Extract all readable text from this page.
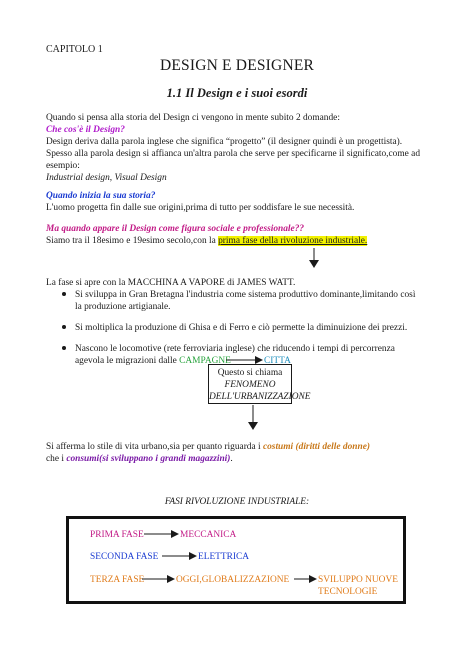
CAPITOLO 1
DESIGN E DESIGNER
1.1 Il Design e i suoi esordi
Quando si pensa alla storia del Design ci vengono in mente subito 2 domande:
Che cos'è il Design?
Design deriva dalla parola inglese che significa “progetto” (il designer quindi è un progettista).
Spesso alla parola design si affianca un'altra parola che serve per specificarne il significato,come ad
esempio:
Industrial design, Visual Design
Quando inizia la sua storia?
L'uomo progetta fin dalle sue origini,prima di tutto per soddisfare le sue necessità.
Ma quando appare il Design come figura sociale e professionale??
Siamo tra il 18esimo e 19esimo secolo,con la prima fase della rivoluzione industriale.
La fase si apre con la MACCHINA A VAPORE di JAMES WATT.
Si sviluppa in Gran Bretagna l'industria come sistema produttivo dominante,limitando così
la produzione artigianale.
Si moltiplica la produzione di Ghisa e di Ferro e ciò permette la diminuizione dei prezzi.
Nascono le locomotive (rete ferroviaria inglese) che riducendo i tempi di percorrenza
agevola le migrazioni dalle CAMPAGNE	CITTA
Questo si chiama
FENOMENO
DELL'URBANIZZAZIONE
Si afferma lo stile di vita urbano,sia per quanto riguarda i costumi (diritti delle donne)
che i consumi(si sviluppano i grandi magazzini).
FASI RIVOLUZIONE INDUSTRIALE:
PRIMA FASE	MECCANICA
SECONDA FASE	ELETTRICA
TERZA FASE	OGGI,GLOBALIZZAZIONE	SVILUPPO NUOVE
TECNOLOGIE
